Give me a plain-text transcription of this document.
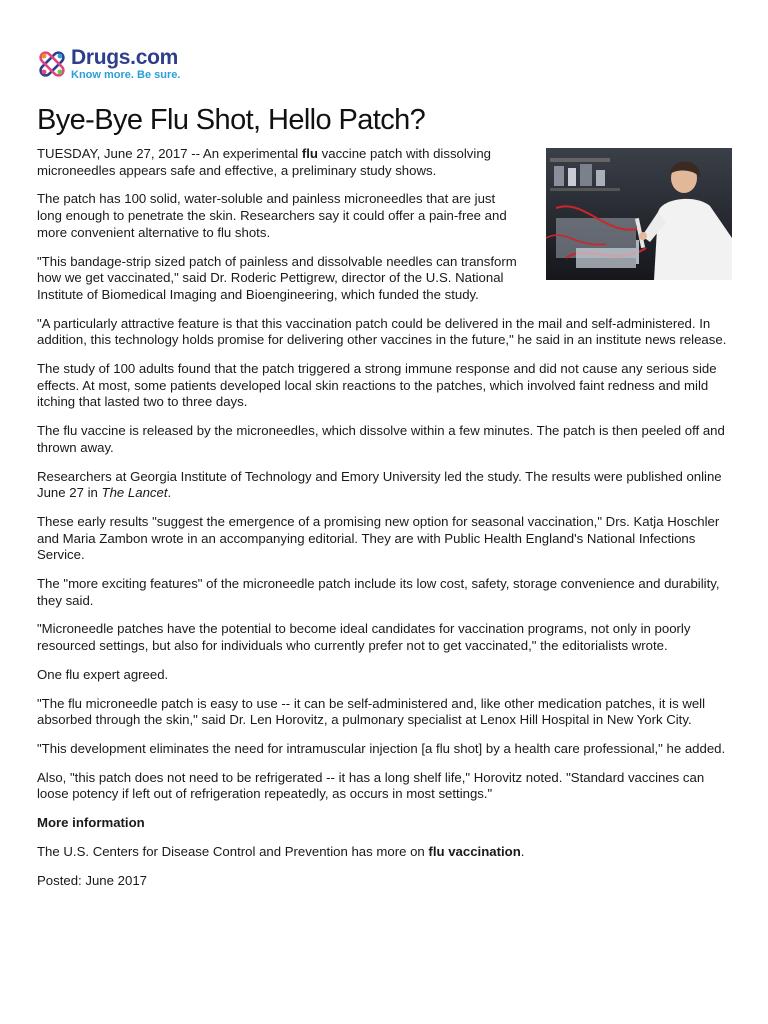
Drugs.com
Know more. Be sure.
Bye-Bye Flu Shot, Hello Patch?

TUESDAY, June 27, 2017 -- An experimental flu vaccine patch with dissolving microneedles appears safe and effective, a preliminary study shows.

The patch has 100 solid, water-soluble and painless microneedles that are just long enough to penetrate the skin. Researchers say it could offer a pain-free and more convenient alternative to flu shots.

"This bandage-strip sized patch of painless and dissolvable needles can transform how we get vaccinated," said Dr. Roderic Pettigrew, director of the U.S. National Institute of Biomedical Imaging and Bioengineering, which funded the study.

"A particularly attractive feature is that this vaccination patch could be delivered in the mail and self-administered. In addition, this technology holds promise for delivering other vaccines in the future," he said in an institute news release.

The study of 100 adults found that the patch triggered a strong immune response and did not cause any serious side effects. At most, some patients developed local skin reactions to the patches, which involved faint redness and mild itching that lasted two to three days.

The flu vaccine is released by the microneedles, which dissolve within a few minutes. The patch is then peeled off and thrown away.

Researchers at Georgia Institute of Technology and Emory University led the study. The results were published online June 27 in The Lancet.

These early results "suggest the emergence of a promising new option for seasonal vaccination," Drs. Katja Hoschler and Maria Zambon wrote in an accompanying editorial. They are with Public Health England's National Infections Service.

The "more exciting features" of the microneedle patch include its low cost, safety, storage convenience and durability, they said.

"Microneedle patches have the potential to become ideal candidates for vaccination programs, not only in poorly resourced settings, but also for individuals who currently prefer not to get vaccinated," the editorialists wrote.

One flu expert agreed.

"The flu microneedle patch is easy to use -- it can be self-administered and, like other medication patches, it is well absorbed through the skin," said Dr. Len Horovitz, a pulmonary specialist at Lenox Hill Hospital in New York City.

"This development eliminates the need for intramuscular injection [a flu shot] by a health care professional," he added.

Also, "this patch does not need to be refrigerated -- it has a long shelf life," Horovitz noted. "Standard vaccines can loose potency if left out of refrigeration repeatedly, as occurs in most settings."

More information

The U.S. Centers for Disease Control and Prevention has more on flu vaccination.

Posted: June 2017
